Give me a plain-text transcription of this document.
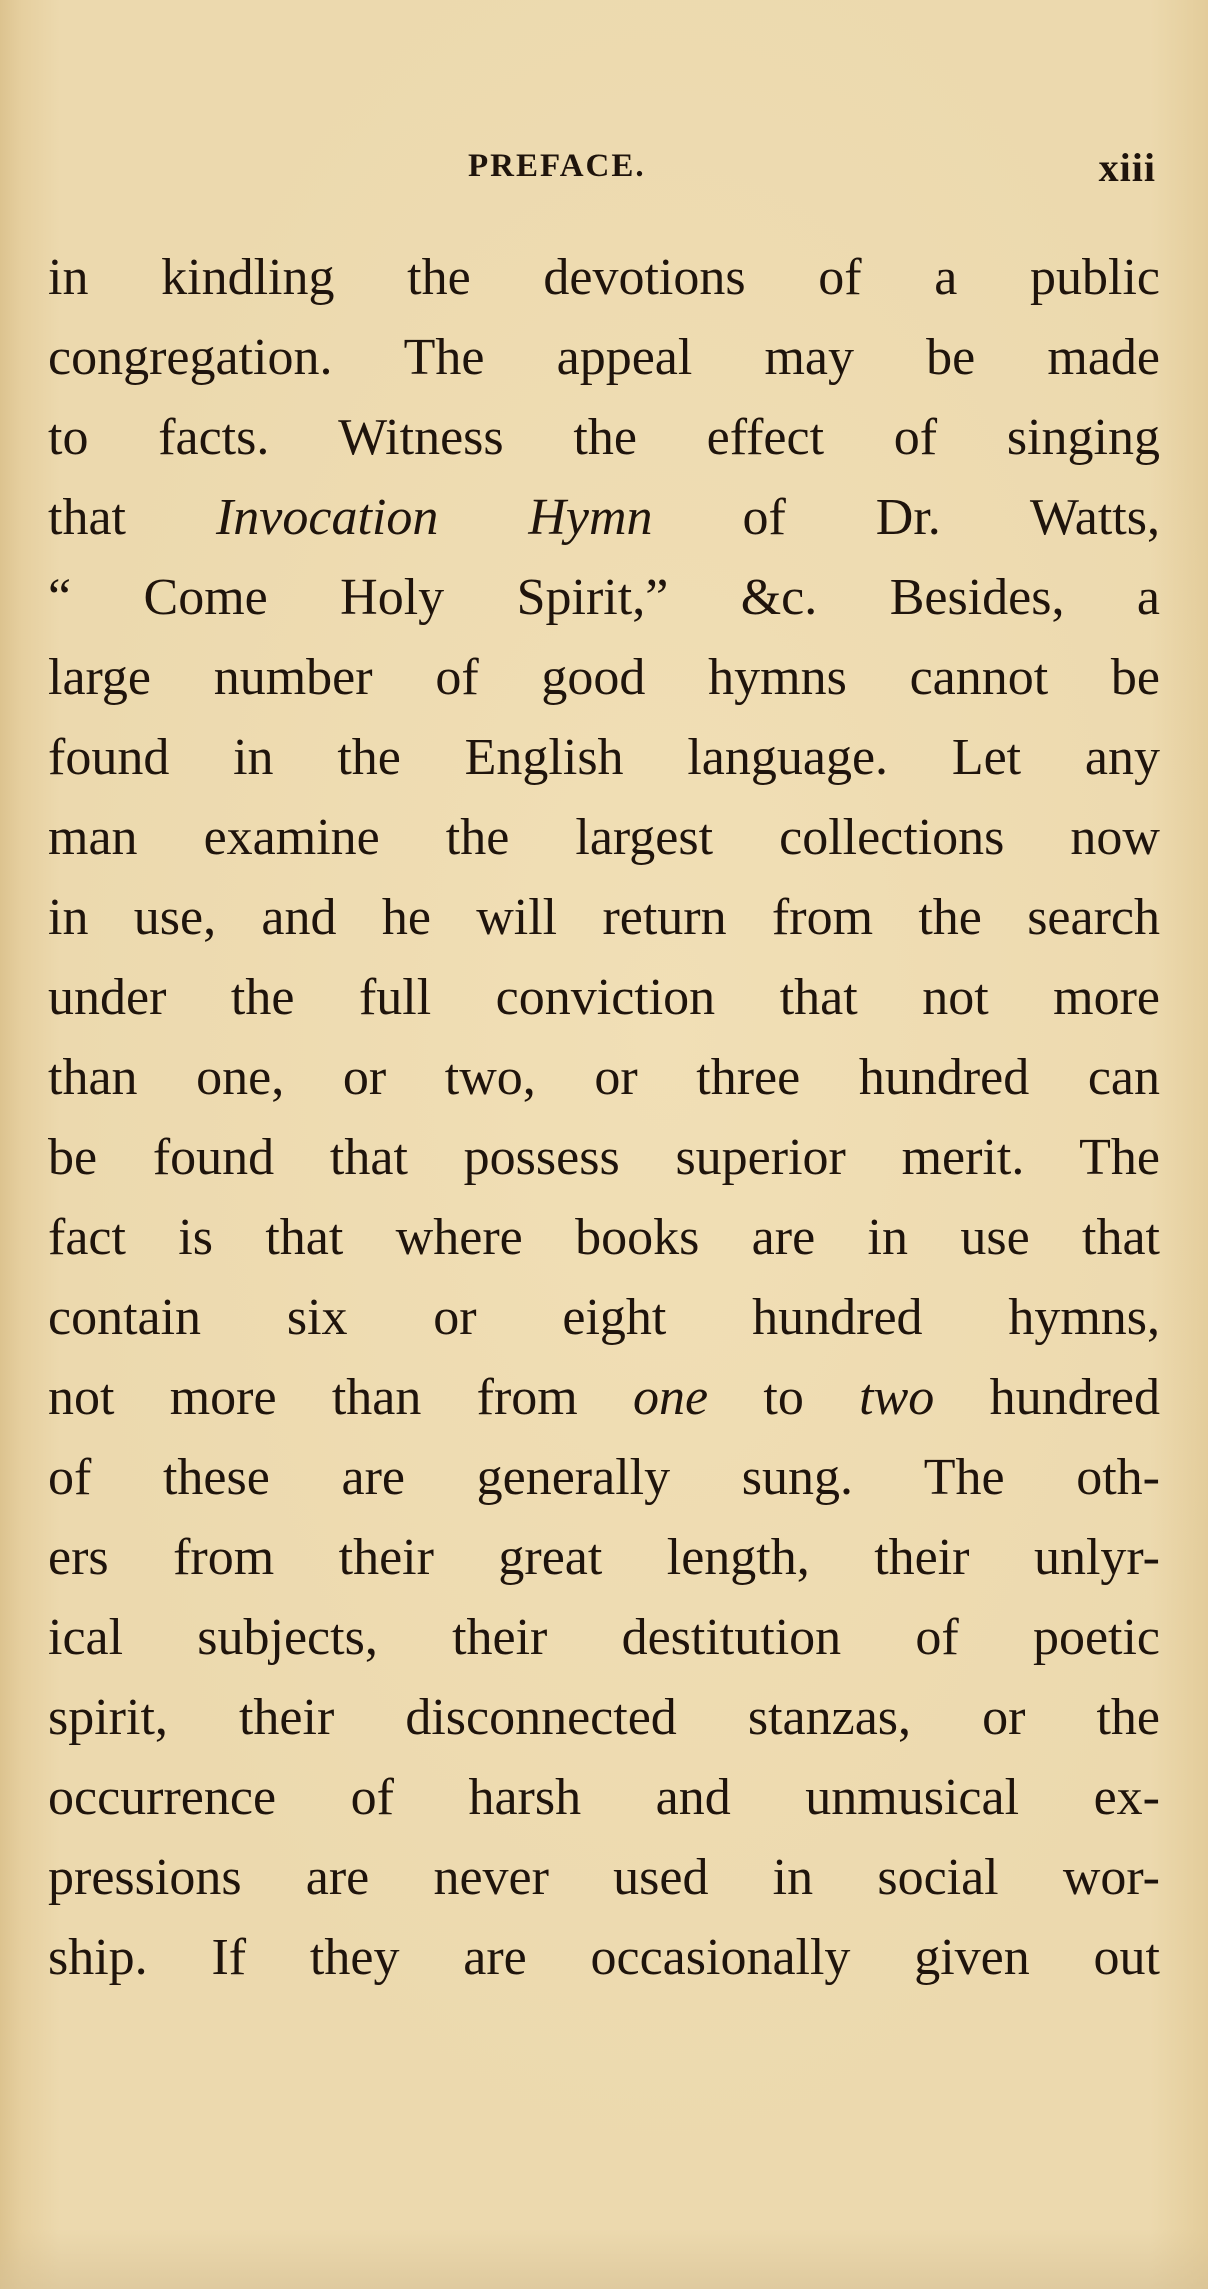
PREFACE.	xiii
in kindling the devotions of a public
congregation. The appeal may be made
to facts. Witness the effect of singing
that Invocation Hymn of Dr. Watts,
“ Come Holy Spirit,” &c. Besides, a
large number of good hymns cannot be
found in the English language. Let any
man examine the largest collections now
in use, and he will return from the search
under the full conviction that not more
than one, or two, or three hundred can
be found that possess superior merit. The
fact is that where books are in use that
contain six or eight hundred hymns,
not more than from one to two hundred
of these are generally sung. The oth-
ers from their great length, their unlyr-
ical subjects, their destitution of poetic
spirit, their disconnected stanzas, or the
occurrence of harsh and unmusical ex-
pressions are never used in social wor-
ship. If they are occasionally given out
